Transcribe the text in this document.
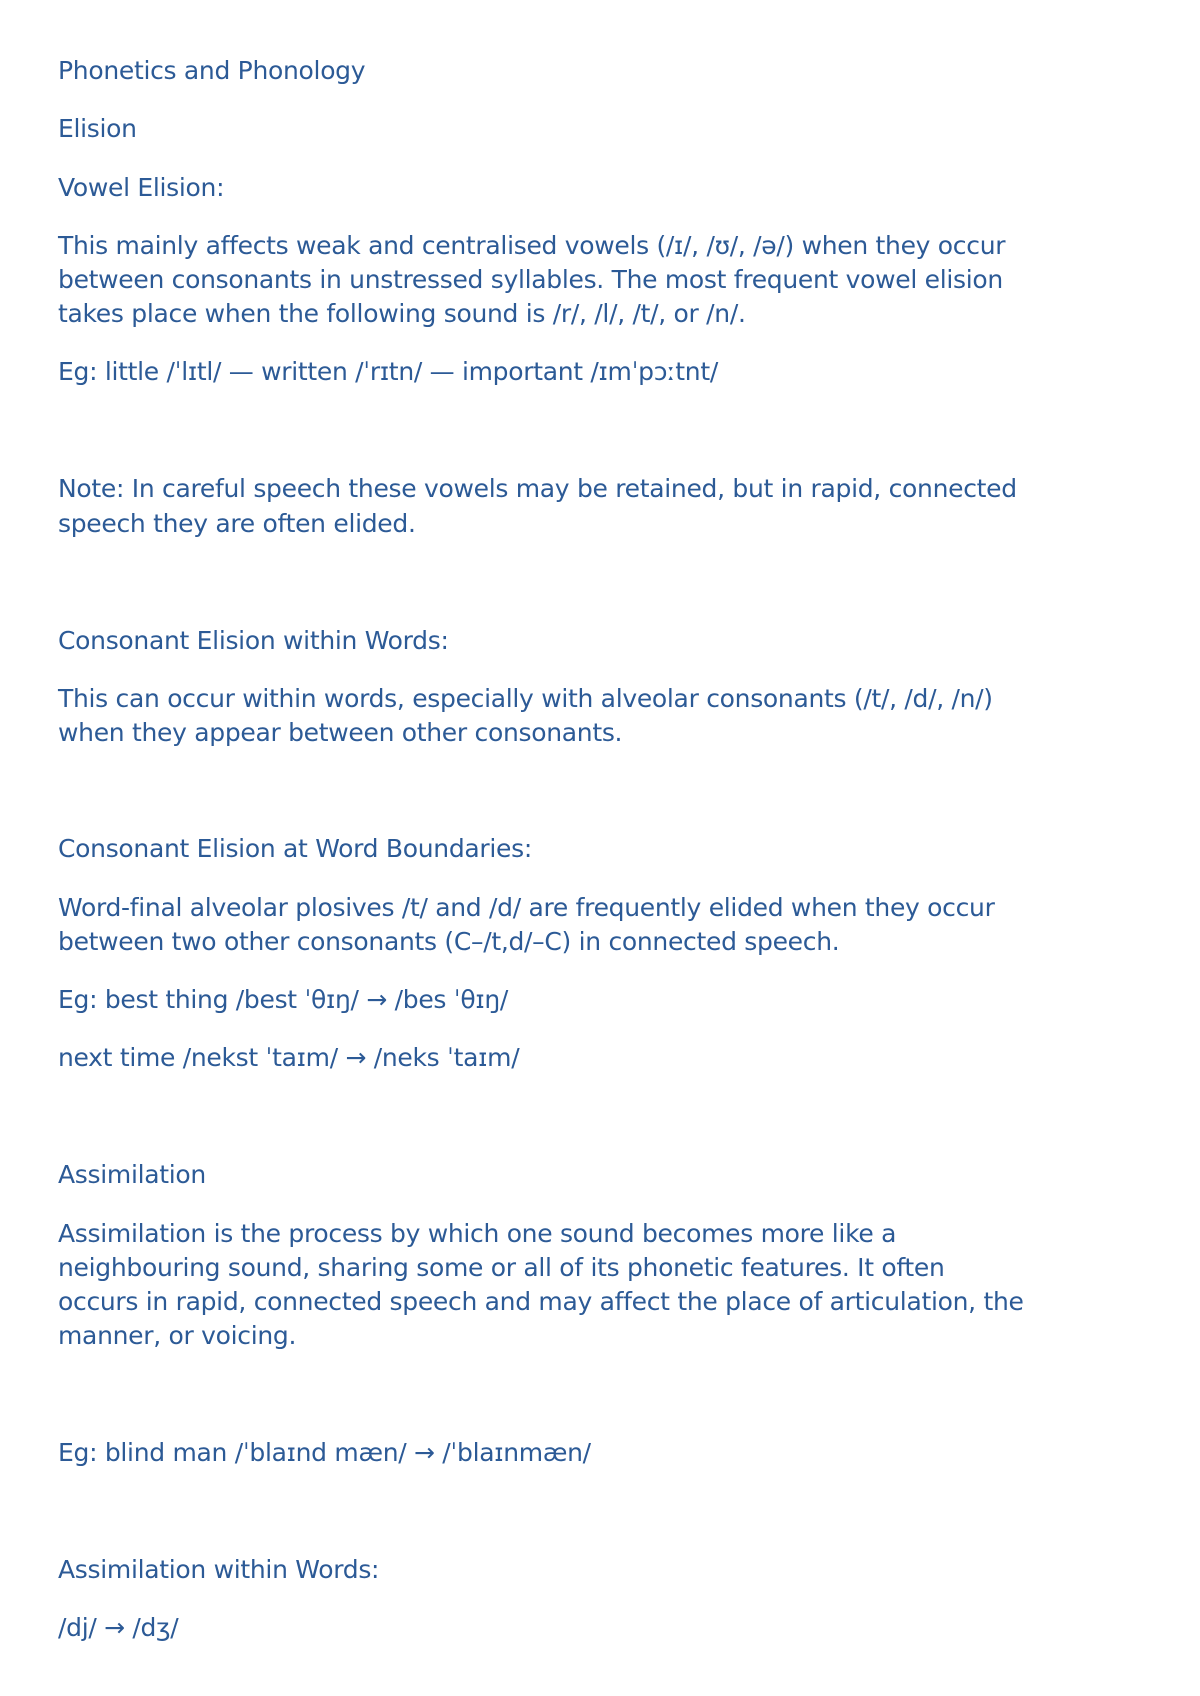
Phonetics and Phonology

Elision

Vowel Elision:

This mainly affects weak and centralised vowels (/ɪ/, /ʊ/, /ə/) when they occur

between consonants in unstressed syllables. The most frequent vowel elision

takes place when the following sound is /r/, /l/, /t/, or /n/.

Eg: little /ˈlɪtl/ — written /ˈrɪtn/ — important /ɪmˈpɔːtnt/

Note: In careful speech these vowels may be retained, but in rapid, connected

speech they are often elided.

Consonant Elision within Words:

This can occur within words, especially with alveolar consonants (/t/, /d/, /n/)

when they appear between other consonants.

Consonant Elision at Word Boundaries:

Word-final alveolar plosives /t/ and /d/ are frequently elided when they occur

between two other consonants (C–/t,d/–C) in connected speech.

Eg: best thing /best ˈθɪŋ/ → /bes ˈθɪŋ/

next time /nekst ˈtaɪm/ → /neks ˈtaɪm/

Assimilation

Assimilation is the process by which one sound becomes more like a

neighbouring sound, sharing some or all of its phonetic features. It often

occurs in rapid, connected speech and may affect the place of articulation, the

manner, or voicing.

Eg: blind man /ˈblaɪnd mæn/ → /ˈblaɪnmæn/

Assimilation within Words:

/dj/ → /dʒ/
